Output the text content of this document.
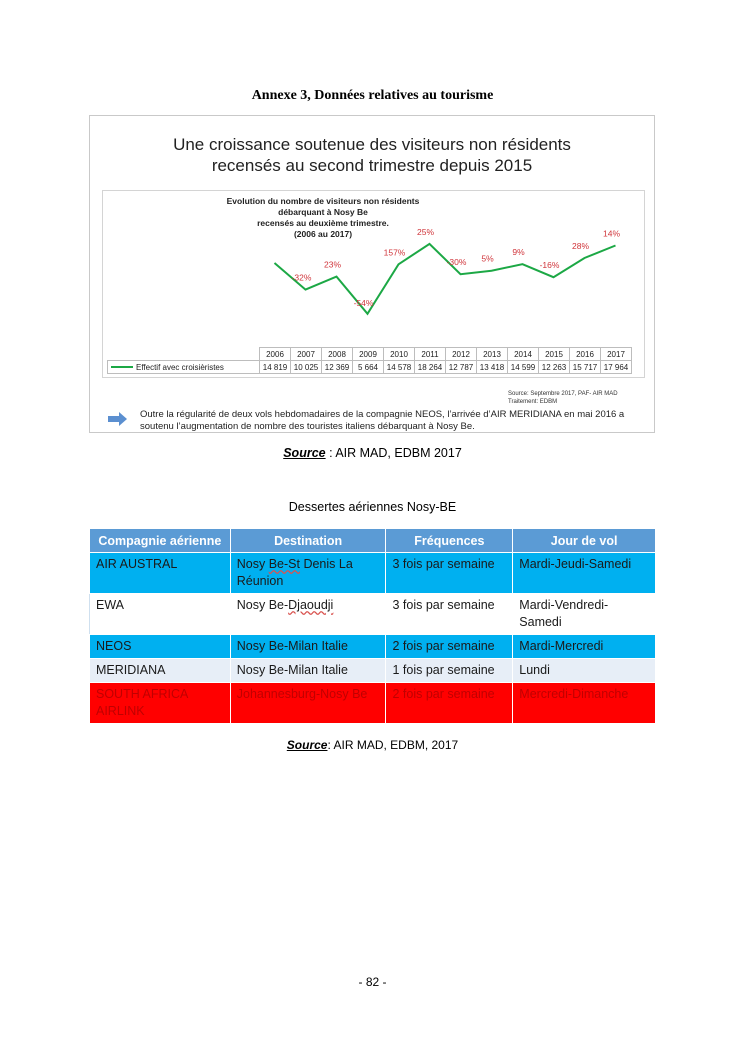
Annexe 3, Données relatives au tourisme
Une croissance soutenue des visiteurs non résidents
recensés au second trimestre depuis 2015
Evolution du nombre de visiteurs non résidents débarquant à Nosy Be
recensés au deuxième trimestre.
(2006 au 2017)
-32%
23%
-54%
157%
25%
-30% 5%
9%
-16%
28%
14%
	2006	2007	2008	2009	2010	2011	2012	2013	2014	2015	2016	2017
Effectif avec croisièristes	14 819	10 025	12 369	5 664	14 578	18 264	12 787	13 418	14 599	12 263	15 717	17 964
Source: Septembre 2017, PAF- AIR MAD
Traitement: EDBM
Outre la régularité de deux vols hebdomadaires de la compagnie NEOS, l’arrivée d’AIR MERIDIANA en mai 2016 a soutenu l’augmentation de nombre des touristes italiens débarquant à Nosy Be.
Source : AIR MAD, EDBM 2017
Dessertes aériennes Nosy-BE
Compagnie aérienne	Destination	Fréquences	Jour de vol
AIR AUSTRAL	Nosy Be-St Denis La Réunion	3 fois par semaine	Mardi-Jeudi-Samedi
EWA	Nosy Be-Djaoudji	3 fois par semaine	Mardi-Vendredi-Samedi
NEOS	Nosy Be-Milan Italie	2 fois par semaine	Mardi-Mercredi
MERIDIANA	Nosy Be-Milan Italie	1 fois par semaine	Lundi
SOUTH AFRICA AIRLINK	Johannesburg-Nosy Be	2 fois par semaine	Mercredi-Dimanche
Source: AIR MAD, EDBM, 2017
- 82 -
